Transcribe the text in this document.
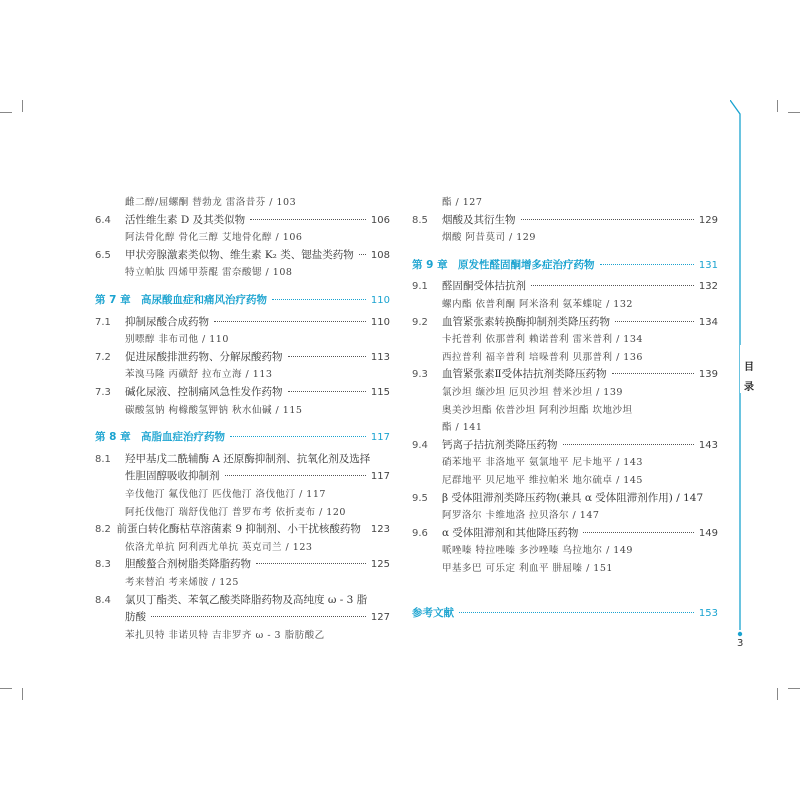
雌二醇/屈螺酮 替勃龙 雷洛昔芬 / 103
6.4	活性维生素 D 及其类似物	106
阿法骨化醇 骨化三醇 艾地骨化醇 / 106
6.5	甲状旁腺激素类似物、维生素 K₂ 类、锶盐类药物 108
特立帕肽 四烯甲萘醌 雷奈酸锶 / 108
第 7 章 高尿酸血症和痛风治疗药物	110
7.1	抑制尿酸合成药物	110
别嘌醇 非布司他 / 110
7.2	促进尿酸排泄药物、分解尿酸药物	113
苯溴马隆 丙磺舒 拉布立海 / 113
7.3	碱化尿液、控制痛风急性发作药物	115
碳酸氢钠 枸橼酸氢钾钠 秋水仙碱 / 115
第 8 章 高脂血症治疗药物	117
8.1	羟甲基戊二酰辅酶 A 还原酶抑制剂、抗氧化剂及选择
性胆固醇吸收抑制剂	117
辛伐他汀 氟伐他汀 匹伐他汀 洛伐他汀 / 117
阿托伐他汀 瑞舒伐他汀 普罗布考 依折麦布 / 120
8.2 前蛋白转化酶枯草溶菌素 9 抑制剂、小干扰核酸药物 123
依洛尤单抗 阿利西尤单抗 英克司兰 / 123
8.3	胆酸螯合剂树脂类降脂药物	125
考来替泊 考来烯胺 / 125
8.4	氯贝丁酯类、苯氧乙酸类降脂药物及高纯度 ω - 3 脂
肪酸	127
苯扎贝特 非诺贝特 吉非罗齐 ω - 3 脂肪酸乙
酯 / 127
8.5	烟酸及其衍生物	129
烟酸 阿昔莫司 / 129
第 9 章 原发性醛固酮增多症治疗药物	131
9.1	醛固酮受体拮抗剂	132
螺内酯 依普利酮 阿米洛利 氨苯蝶啶 / 132
9.2	血管紧张素转换酶抑制剂类降压药物	134
卡托普利 依那普利 赖诺普利 雷米普利 / 134
西拉普利 福辛普利 培哚普利 贝那普利 / 136
9.3	血管紧张素Ⅱ受体拮抗剂类降压药物	139
氯沙坦 缬沙坦 厄贝沙坦 替米沙坦 / 139
奥美沙坦酯 依普沙坦 阿利沙坦酯 坎地沙坦
酯 / 141
9.4	钙离子拮抗剂类降压药物	143
硝苯地平 非洛地平 氨氯地平 尼卡地平 / 143
尼群地平 贝尼地平 维拉帕米 地尔硫卓 / 145
9.5	β 受体阻滞剂类降压药物(兼具 α 受体阻滞剂作用) / 147
阿罗洛尔 卡维地洛 拉贝洛尔 / 147
9.6	α 受体阻滞剂和其他降压药物	149
哌唑嗪 特拉唑嗪 多沙唑嗪 乌拉地尔 / 149
甲基多巴 可乐定 利血平 肼屈嗪 / 151
参考文献	153
目
录
3
